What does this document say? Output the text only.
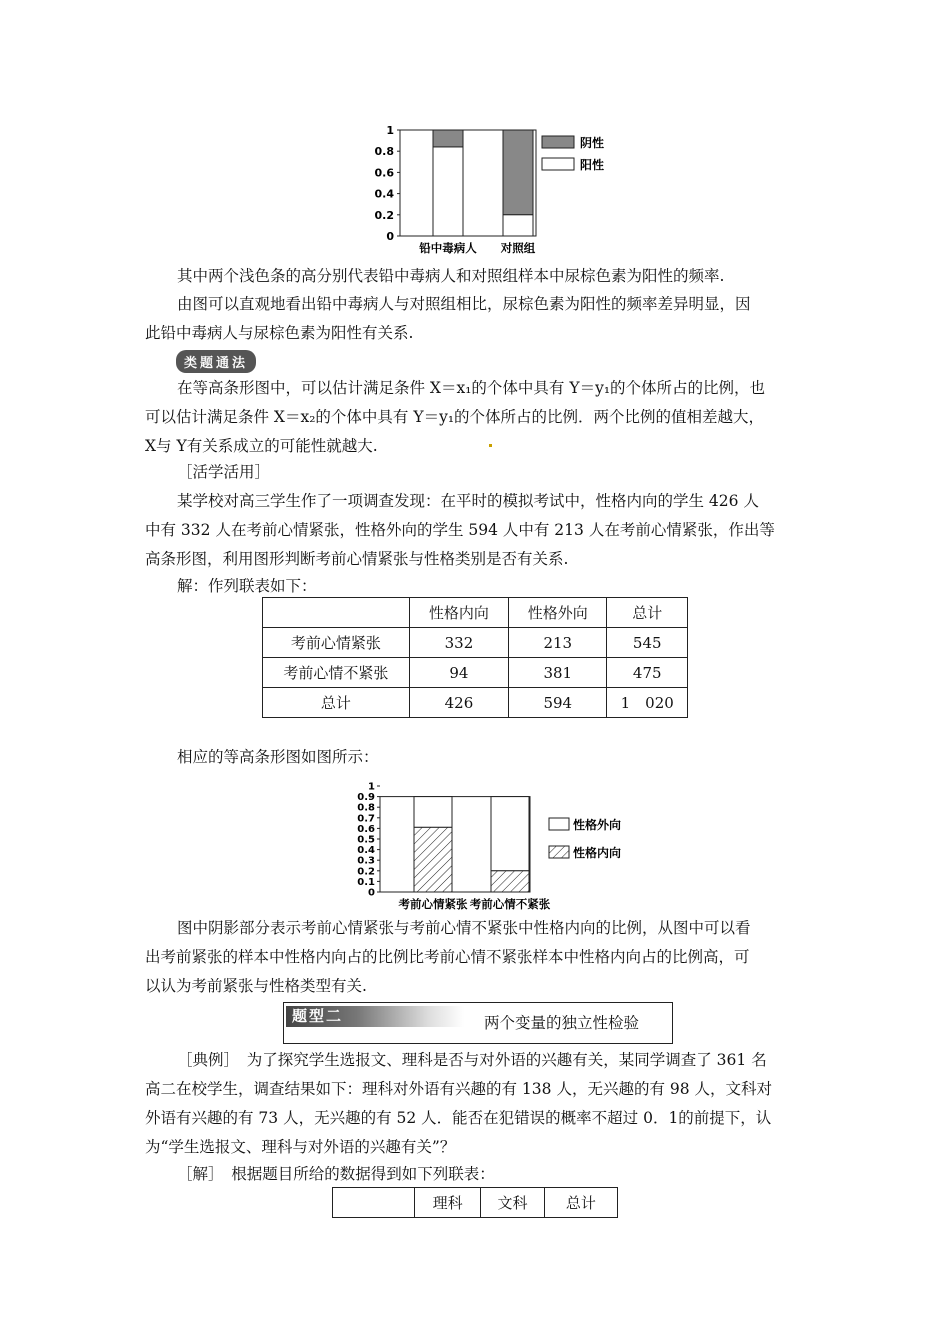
0
0.2
0.4
0.6
0.8
1
铅中毒病人 对照组
阴性
阳性
其中两个浅色条的高分别代表铅中毒病人和对照组样本中尿棕色素为阳性的频率.
由图可以直观地看出铅中毒病人与对照组相比，尿棕色素为阳性的频率差异明显，因
此铅中毒病人与尿棕色素为阳性有关系.
类题通法
在等高条形图中，可以估计满足条件 X＝x₁的个体中具有 Y＝y₁的个体所占的比例，也
可以估计满足条件 X＝x₂的个体中具有 Y＝y₁的个体所占的比例．两个比例的值相差越大，
X与 Y有关系成立的可能性就越大.
［活学活用］
某学校对高三学生作了一项调查发现：在平时的模拟考试中，性格内向的学生 426 人
中有 332 人在考前心情紧张，性格外向的学生 594 人中有 213 人在考前心情紧张，作出等
高条形图，利用图形判断考前心情紧张与性格类别是否有关系.
解：作列联表如下：
	性格内向	性格外向	总计
考前心情紧张	332	213	545
考前心情不紧张	94	381	475
总计	426	594	1　020
相应的等高条形图如图所示：
0
0.1
0.2
0.3
0.4
0.5
0.6
0.7
0.8
0.9
1
考前心情紧张 考前心情不紧张
性格外向
性格内向
图中阴影部分表示考前心情紧张与考前心情不紧张中性格内向的比例，从图中可以看
出考前紧张的样本中性格内向占的比例比考前心情不紧张样本中性格内向占的比例高，可
以认为考前紧张与性格类型有关.
题型二	两个变量的独立性检验
［典例］　为了探究学生选报文、理科是否与对外语的兴趣有关，某同学调查了 361 名
高二在校学生，调查结果如下：理科对外语有兴趣的有 138 人，无兴趣的有 98 人，文科对
外语有兴趣的有 73 人，无兴趣的有 52 人．能否在犯错误的概率不超过 0．1的前提下，认
为“学生选报文、理科与对外语的兴趣有关”？
［解］　根据题目所给的数据得到如下列联表：
	理科	文科	总计
